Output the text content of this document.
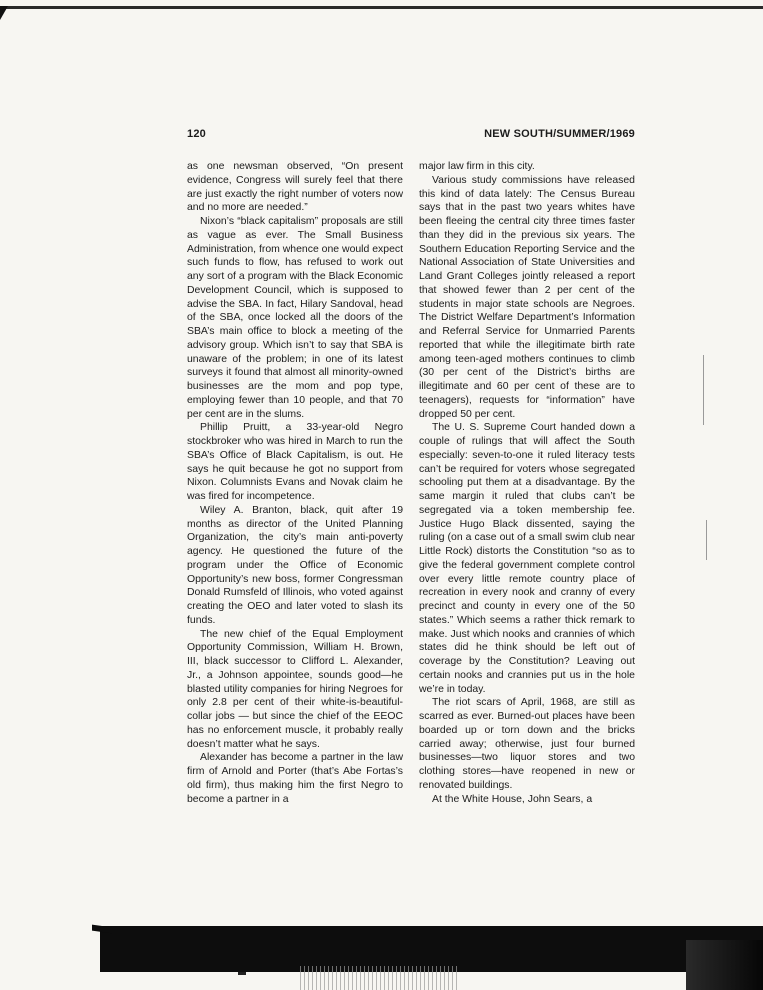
120	NEW SOUTH/SUMMER/1969

as one newsman observed, “On present evidence, Congress will surely feel that there are just exactly the right number of voters now and no more are needed.”

Nixon’s “black capitalism” proposals are still as vague as ever. The Small Business Administration, from whence one would expect such funds to flow, has refused to work out any sort of a program with the Black Economic Development Council, which is supposed to advise the SBA. In fact, Hilary Sandoval, head of the SBA, once locked all the doors of the SBA’s main office to block a meeting of the advisory group. Which isn’t to say that SBA is unaware of the problem; in one of its latest surveys it found that almost all minority-owned businesses are the mom and pop type, employing fewer than 10 people, and that 70 per cent are in the slums.

Phillip Pruitt, a 33-year-old Negro stockbroker who was hired in March to run the SBA’s Office of Black Capitalism, is out. He says he quit because he got no support from Nixon. Columnists Evans and Novak claim he was fired for incompetence.

Wiley A. Branton, black, quit after 19 months as director of the United Planning Organization, the city’s main anti-poverty agency. He questioned the future of the program under the Office of Economic Opportunity’s new boss, former Congressman Donald Rumsfeld of Illinois, who voted against creating the OEO and later voted to slash its funds.

The new chief of the Equal Employment Opportunity Commission, William H. Brown, III, black successor to Clifford L. Alexander, Jr., a Johnson appointee, sounds good—he blasted utility companies for hiring Negroes for only 2.8 per cent of their white-is-beautiful-collar jobs — but since the chief of the EEOC has no enforcement muscle, it probably really doesn’t matter what he says.

Alexander has become a partner in the law firm of Arnold and Porter (that’s Abe Fortas’s old firm), thus making him the first Negro to become a partner in a

major law firm in this city.

Various study commissions have released this kind of data lately: The Census Bureau says that in the past two years whites have been fleeing the central city three times faster than they did in the previous six years. The Southern Education Reporting Service and the National Association of State Universities and Land Grant Colleges jointly released a report that showed fewer than 2 per cent of the students in major state schools are Negroes. The District Welfare Department’s Information and Referral Service for Unmarried Parents reported that while the illegitimate birth rate among teen-aged mothers continues to climb (30 per cent of the District’s births are illegitimate and 60 per cent of these are to teenagers), requests for “information” have dropped 50 per cent.

The U. S. Supreme Court handed down a couple of rulings that will affect the South especially: seven-to-one it ruled literacy tests can’t be required for voters whose segregated schooling put them at a disadvantage. By the same margin it ruled that clubs can’t be segregated via a token membership fee. Justice Hugo Black dissented, saying the ruling (on a case out of a small swim club near Little Rock) distorts the Constitution “so as to give the federal government complete control over every little remote country place of recreation in every nook and cranny of every precinct and county in every one of the 50 states.” Which seems a rather thick remark to make. Just which nooks and crannies of which states did he think should be left out of coverage by the Constitution? Leaving out certain nooks and crannies put us in the hole we’re in today.

The riot scars of April, 1968, are still as scarred as ever. Burned-out places have been boarded up or torn down and the bricks carried away; otherwise, just four burned businesses—two liquor stores and two clothing stores—have reopened in new or renovated buildings.

At the White House, John Sears, a
